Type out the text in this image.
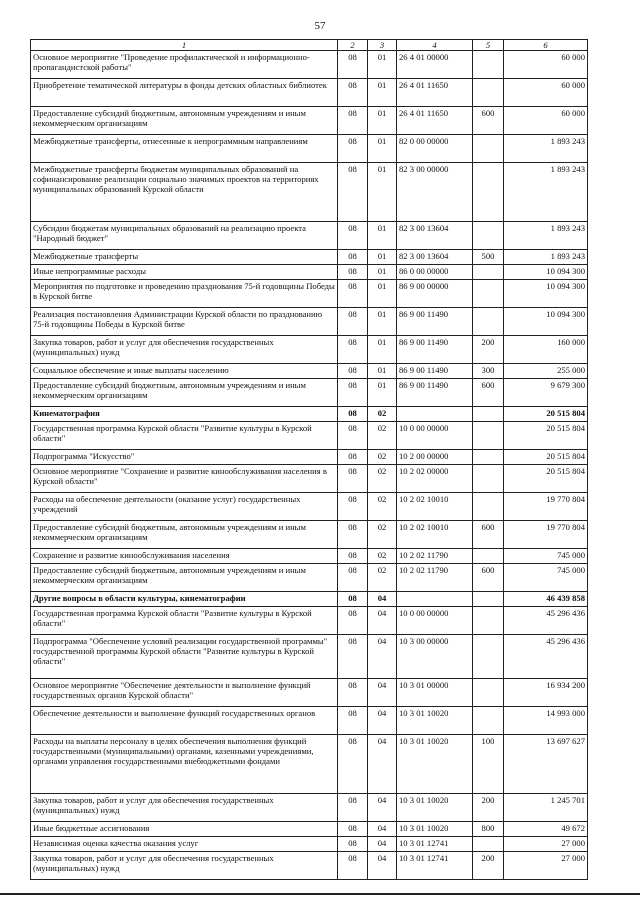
57
1	2	3	4	5	6
Основное мероприятие "Проведение профилактической и информационно-пропагандистской работы"	08	01	26 4 01 00000		60 000
Приобретение тематической литературы в фонды детских областных библиотек	08	01	26 4 01 11650		60 000
Предоставление субсидий бюджетным, автономным учреждениям и иным некоммерческим организациям	08	01	26 4 01 11650	600	60 000
Межбюджетные трансферты, отнесенные к непрограммным направлениям	08	01	82 0 00 00000		1 893 243
Межбюджетные трансферты бюджетам муниципальных образований на софинансирование реализации социально значимых проектов на территориях муниципальных образований Курской области	08	01	82 3 00 00000		1 893 243
Субсидии бюджетам муниципальных образований на реализацию проекта "Народный бюджет"	08	01	82 3 00 13604		1 893 243
Межбюджетные трансферты	08	01	82 3 00 13604	500	1 893 243
Иные непрограммные расходы	08	01	86 0 00 00000		10 094 300
Мероприятия по подготовке и проведению празднования 75-й годовщины Победы в Курской битве	08	01	86 9 00 00000		10 094 300
Реализация постановления Администрации Курской области по празднованию 75-й годовщины Победы в Курской битве	08	01	86 9 00 11490		10 094 300
Закупка товаров, работ и услуг для обеспечения государственных (муниципальных) нужд	08	01	86 9 00 11490	200	160 000
Социальное обеспечение и иные выплаты населению	08	01	86 9 00 11490	300	255 000
Предоставление субсидий бюджетным, автономным учреждениям и иным некоммерческим организациям	08	01	86 9 00 11490	600	9 679 300
Кинематография	08	02			20 515 804
Государственная программа Курской области "Развитие культуры в Курской области"	08	02	10 0 00 00000		20 515 804
Подпрограмма "Искусство"	08	02	10 2 00 00000		20 515 804
Основное мероприятие "Сохранение и развитие кинообслуживания населения в Курской области"	08	02	10 2 02 00000		20 515 804
Расходы на обеспечение деятельности (оказание услуг) государственных учреждений	08	02	10 2 02 10010		19 770 804
Предоставление субсидий бюджетным, автономным учреждениям и иным некоммерческим организациям	08	02	10 2 02 10010	600	19 770 804
Сохранение и развитие кинообслуживания населения	08	02	10 2 02 11790		745 000
Предоставление субсидий бюджетным, автономным учреждениям и иным некоммерческим организациям	08	02	10 2 02 11790	600	745 000
Другие вопросы в области культуры, кинематографии	08	04			46 439 858
Государственная программа Курской области "Развитие культуры в Курской области"	08	04	10 0 00 00000		45 296 436
Подпрограмма "Обеспечение условий реализации государственной программы" государственной программы Курской области "Развитие культуры в Курской области"	08	04	10 3 00 00000		45 296 436
Основное мероприятие "Обеспечение деятельности и выполнение функций государственных органов Курской области"	08	04	10 3 01 00000		16 934 200
Обеспечение деятельности и выполнение функций государственных органов	08	04	10 3 01 10020		14 993 000
Расходы на выплаты персоналу в целях обеспечения выполнения функций государственными (муниципальными) органами, казенными учреждениями, органами управления государственными внебюджетными фондами	08	04	10 3 01 10020	100	13 697 627
Закупка товаров, работ и услуг для обеспечения государственных (муниципальных) нужд	08	04	10 3 01 10020	200	1 245 701
Иные бюджетные ассигнования	08	04	10 3 01 10020	800	49 672
Независимая оценка качества оказания услуг	08	04	10 3 01 12741		27 000
Закупка товаров, работ и услуг для обеспечения государственных (муниципальных) нужд	08	04	10 3 01 12741	200	27 000
